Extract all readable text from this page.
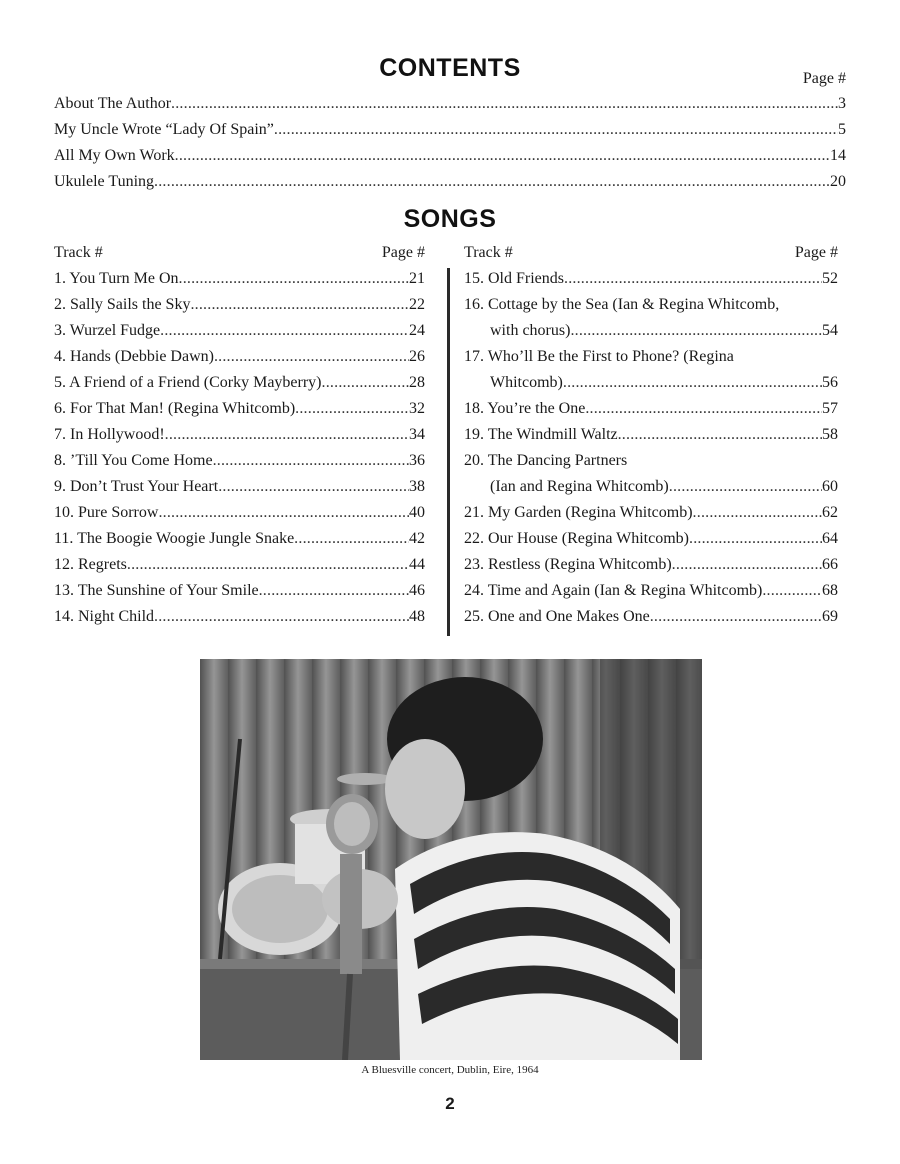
CONTENTS	Page #
About The Author .....	3
My Uncle Wrote “Lady Of Spain” .....	5
All My Own Work .....	14
Ukulele Tuning .....	20
SONGS
Track #	Page #
1. You Turn Me On .....	21
2. Sally Sails the Sky .....	22
3. Wurzel Fudge .....	24
4. Hands (Debbie Dawn) .....	26
5. A Friend of a Friend (Corky Mayberry) .....	28
6. For That Man! (Regina Whitcomb) .....	32
7. In Hollywood! .....	34
8. ’Till You Come Home .....	36
9. Don’t Trust Your Heart .....	38
10. Pure Sorrow .....	40
11. The Boogie Woogie Jungle Snake .....	42
12. Regrets .....	44
13. The Sunshine of Your Smile .....	46
14. Night Child .....	48
Track #	Page #
15. Old Friends .....	52
16. Cottage by the Sea (Ian & Regina Whitcomb,
with chorus) .....	54
17. Who’ll Be the First to Phone? (Regina
Whitcomb) .....	56
18. You’re the One .....	57
19. The Windmill Waltz .....	58
20. The Dancing Partners
(Ian and Regina Whitcomb) .....	60
21. My Garden (Regina Whitcomb) .....	62
22. Our House (Regina Whitcomb) .....	64
23. Restless (Regina Whitcomb) .....	66
24. Time and Again (Ian & Regina Whitcomb) .....	68
25. One and One Makes One .....	69
A Bluesville concert, Dublin, Eire, 1964
2
